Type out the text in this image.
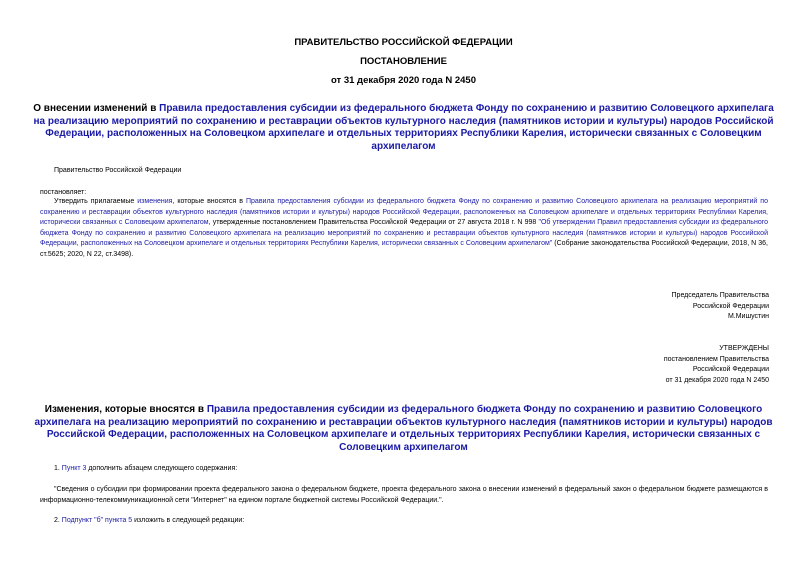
ПРАВИТЕЛЬСТВО РОССИЙСКОЙ ФЕДЕРАЦИИ
ПОСТАНОВЛЕНИЕ
от 31 декабря 2020 года N 2450
О внесении изменений в Правила предоставления субсидии из федерального бюджета Фонду по сохранению и развитию Соловецкого архипелага на реализацию мероприятий по сохранению и реставрации объектов культурного наследия (памятников истории и культуры) народов Российской Федерации, расположенных на Соловецком архипелаге и отдельных территориях Республики Карелия, исторически связанных с Соловецким архипелагом
Правительство Российской Федерации
постановляет:
Утвердить прилагаемые изменения, которые вносятся в Правила предоставления субсидии из федерального бюджета Фонду по сохранению и развитию Соловецкого архипелага на реализацию мероприятий по сохранению и реставрации объектов культурного наследия (памятников истории и культуры) народов Российской Федерации, расположенных на Соловецком архипелаге и отдельных территориях Республики Карелия, исторически связанных с Соловецким архипелагом, утвержденные постановлением Правительства Российской Федерации от 27 августа 2018 г. N 998 "Об утверждении Правил предоставления субсидии из федерального бюджета Фонду по сохранению и развитию Соловецкого архипелага на реализацию мероприятий по сохранению и реставрации объектов культурного наследия (памятников истории и культуры) народов Российской Федерации, расположенных на Соловецком архипелаге и отдельных территориях Республики Карелия, исторически связанных с Соловецким архипелагом" (Собрание законодательства Российской Федерации, 2018, N 36, ст.5625; 2020, N 22, ст.3498).
Председатель Правительства
Российской Федерации
М.Мишустин
УТВЕРЖДЕНЫ
постановлением Правительства
Российской Федерации
от 31 декабря 2020 года N 2450
Изменения, которые вносятся в Правила предоставления субсидии из федерального бюджета Фонду по сохранению и развитию Соловецкого архипелага на реализацию мероприятий по сохранению и реставрации объектов культурного наследия (памятников истории и культуры) народов Российской Федерации, расположенных на Соловецком архипелаге и отдельных территориях Республики Карелия, исторически связанных с Соловецким архипелагом
1. Пункт 3 дополнить абзацем следующего содержания:
"Сведения о субсидии при формировании проекта федерального закона о федеральном бюджете, проекта федерального закона о внесении изменений в федеральный закон о федеральном бюджете размещаются в информационно-телекоммуникационной сети "Интернет" на едином портале бюджетной системы Российской Федерации.".
2. Подпункт "б" пункта 5 изложить в следующей редакции:
